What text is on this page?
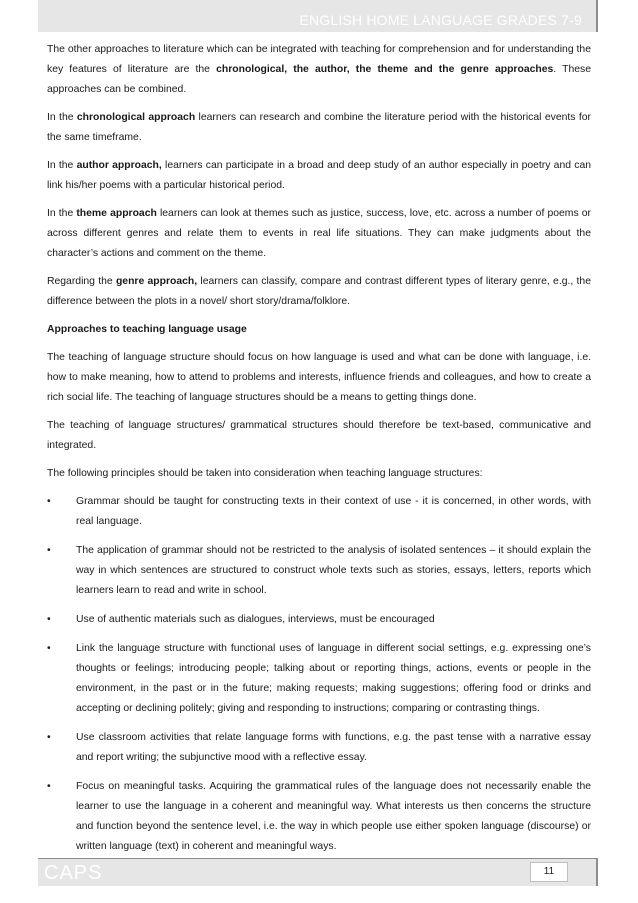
ENGLISH HOME LANGUAGE GRADES 7-9

The other approaches to literature which can be integrated with teaching for comprehension and for understanding the key features of literature are the chronological, the author, the theme and the genre approaches. These approaches can be combined.

In the chronological approach learners can research and combine the literature period with the historical events for the same timeframe.

In the author approach, learners can participate in a broad and deep study of an author especially in poetry and can link his/her poems with a particular historical period.

In the theme approach learners can look at themes such as justice, success, love, etc. across a number of poems or across different genres and relate them to events in real life situations. They can make judgments about the character’s actions and comment on the theme.

Regarding the genre approach, learners can classify, compare and contrast different types of literary genre, e.g., the difference between the plots in a novel/ short story/drama/folklore.

Approaches to teaching language usage

The teaching of language structure should focus on how language is used and what can be done with language, i.e. how to make meaning, how to attend to problems and interests, influence friends and colleagues, and how to create a rich social life. The teaching of language structures should be a means to getting things done.

The teaching of language structures/ grammatical structures should therefore be text-based, communicative and integrated.

The following principles should be taken into consideration when teaching language structures:

• Grammar should be taught for constructing texts in their context of use - it is concerned, in other words, with real language.
• The application of grammar should not be restricted to the analysis of isolated sentences – it should explain the way in which sentences are structured to construct whole texts such as stories, essays, letters, reports which learners learn to read and write in school.
• Use of authentic materials such as dialogues, interviews, must be encouraged
• Link the language structure with functional uses of language in different social settings, e.g. expressing one’s thoughts or feelings; introducing people; talking about or reporting things, actions, events or people in the environment, in the past or in the future; making requests; making suggestions; offering food or drinks and accepting or declining politely; giving and responding to instructions; comparing or contrasting things.
• Use classroom activities that relate language forms with functions, e.g. the past tense with a narrative essay and report writing; the subjunctive mood with a reflective essay.
• Focus on meaningful tasks. Acquiring the grammatical rules of the language does not necessarily enable the learner to use the language in a coherent and meaningful way. What interests us then concerns the structure and function beyond the sentence level, i.e. the way in which people use either spoken language (discourse) or written language (text) in coherent and meaningful ways.
CAPS	11
